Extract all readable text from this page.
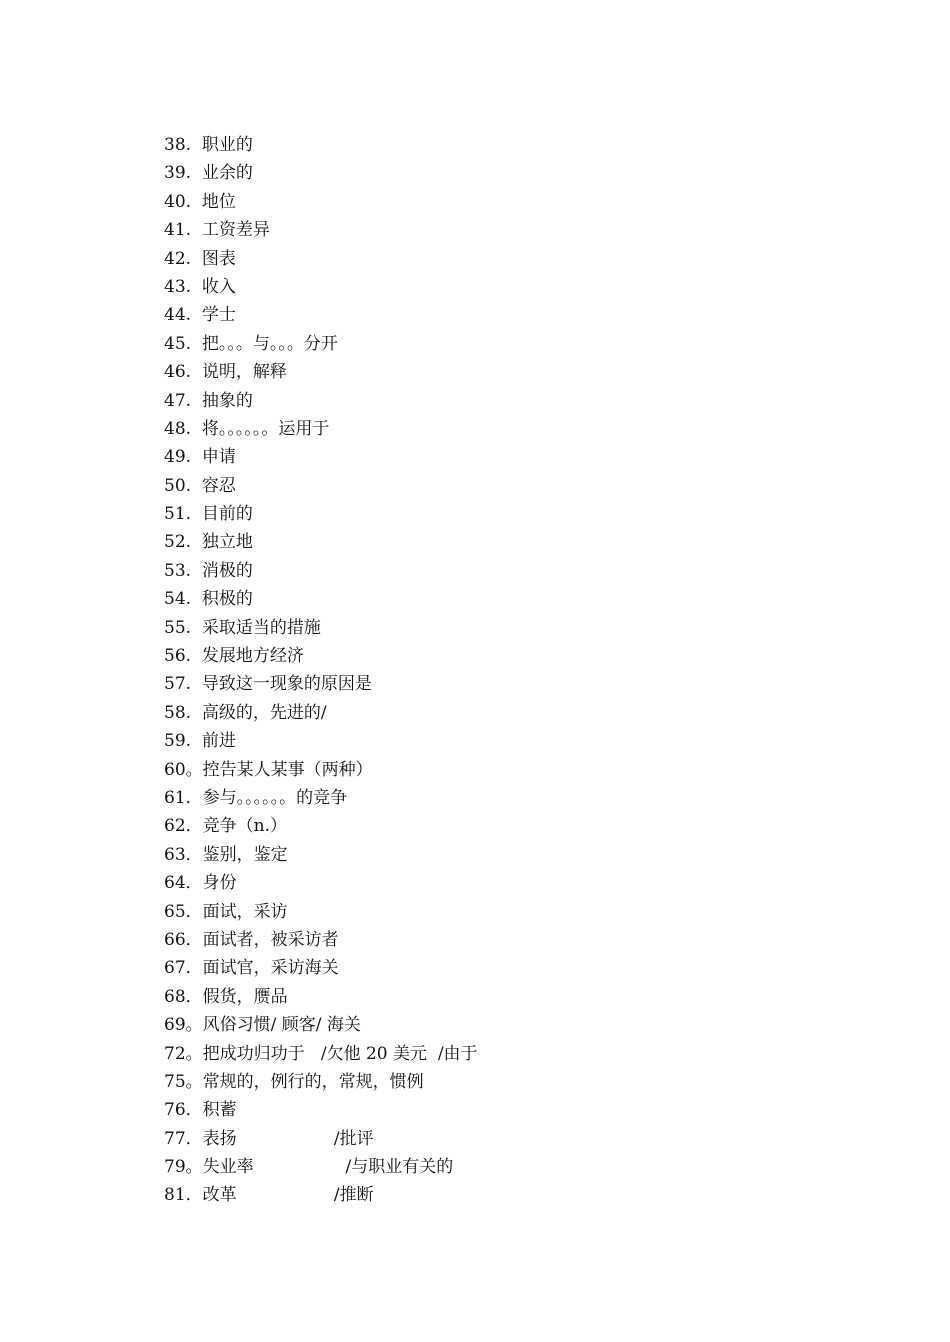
38.  职业的
39.  业余的
40.  地位
41.  工资差异
42.  图表
43.  收入
44.  学士
45.  把。。。与。。。分开
46.  说明，解释
47.  抽象的
48.  将。。。。。。运用于
49.  申请
50.  容忍
51.  目前的
52.  独立地
53.  消极的
54.  积极的
55.  采取适当的措施
56.  发展地方经济
57.  导致这一现象的原因是
58.  高级的，先进的/
59.  前进
60。控告某人某事（两种）
61．参与。。。。。。的竞争
62．竞争（n.）
63．鉴别，鉴定
64．身份
65．面试，采访
66．面试者，被采访者
67．面试官，采访海关
68．假货，赝品
69。风俗习惯/ 顾客/ 海关
72。把成功归功于   /欠他 20 美元  /由于
75。常规的，例行的，常规，惯例
76．积蓄
77．表扬                  /批评
79。失业率                 /与职业有关的
81．改革                  /推断
